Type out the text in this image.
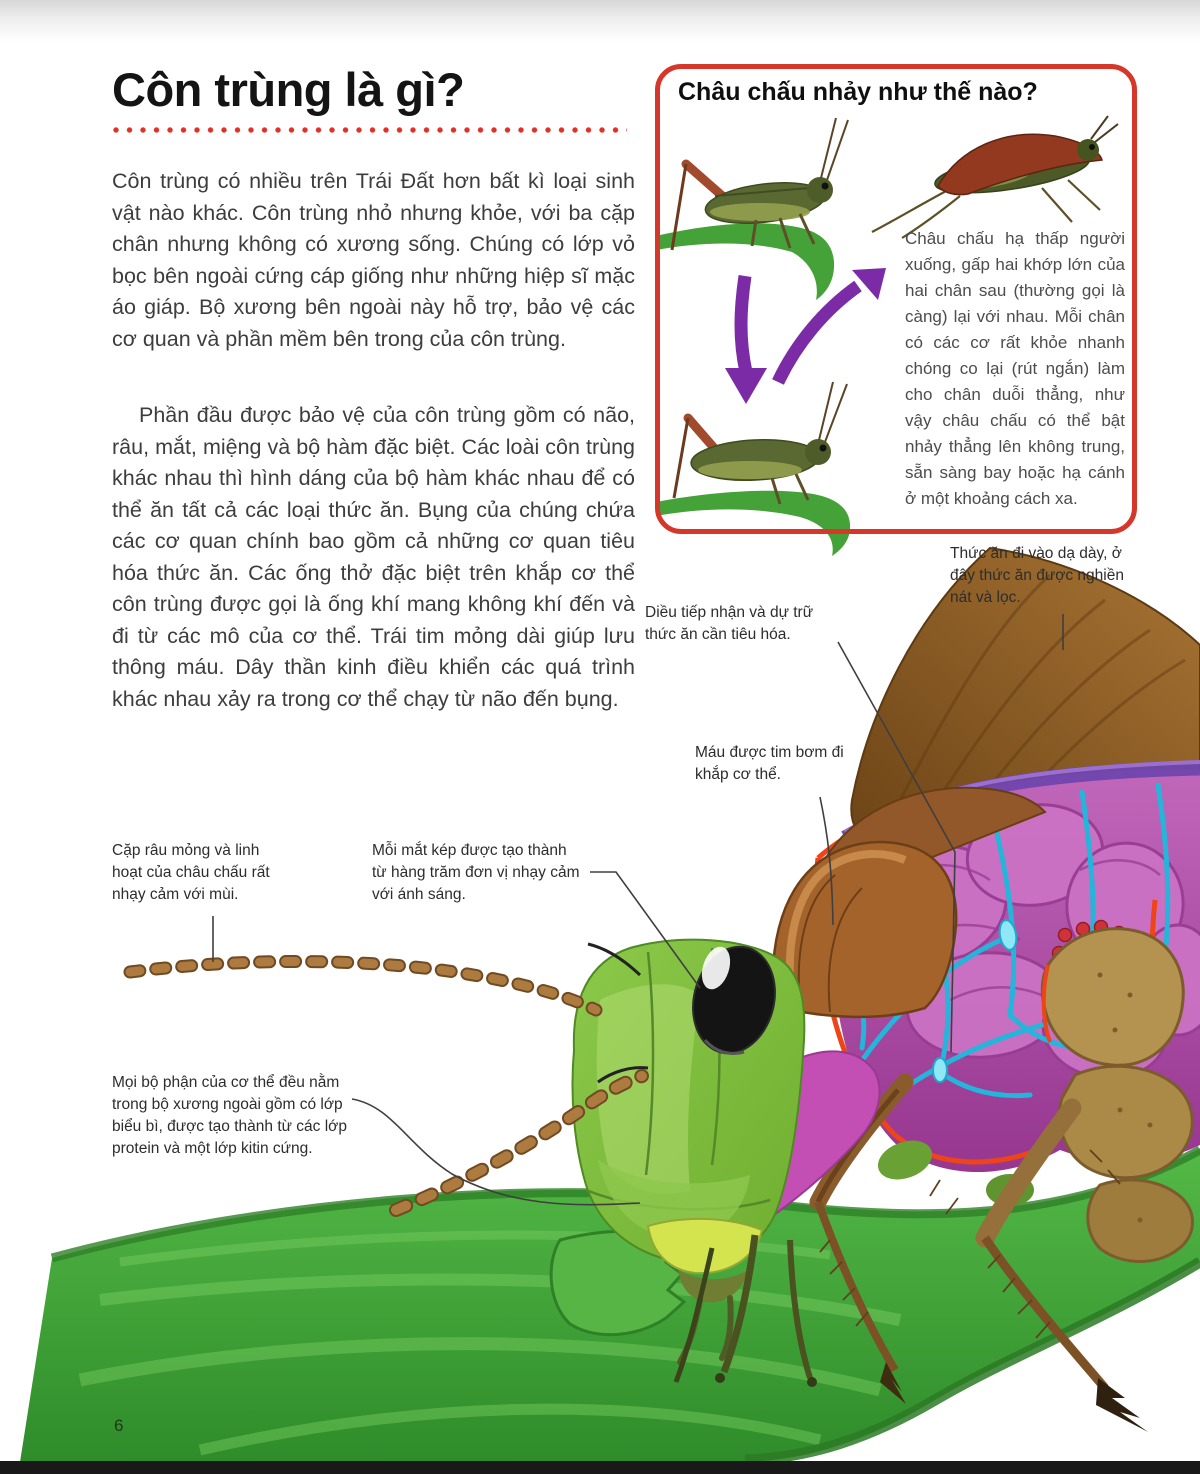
Côn trùng là gì?
Côn trùng có nhiều trên Trái Đất hơn bất kì loại sinh vật nào khác. Côn trùng nhỏ nhưng khỏe, với ba cặp chân nhưng không có xương sống. Chúng có lớp vỏ bọc bên ngoài cứng cáp giống như những hiệp sĩ mặc áo giáp. Bộ xương bên ngoài này hỗ trợ, bảo vệ các cơ quan và phần mềm bên trong của côn trùng.
Phần đầu được bảo vệ của côn trùng gồm có não, râu, mắt, miệng và bộ hàm đặc biệt. Các loài côn trùng khác nhau thì hình dáng của bộ hàm khác nhau để có thể ăn tất cả các loại thức ăn. Bụng của chúng chứa các cơ quan chính bao gồm cả những cơ quan tiêu hóa thức ăn. Các ống thở đặc biệt trên khắp cơ thể côn trùng được gọi là ống khí mang không khí đến và đi từ các mô của cơ thể. Trái tim mỏng dài giúp lưu thông máu. Dây thần kinh điều khiển các quá trình khác nhau xảy ra trong cơ thể chạy từ não đến bụng.
Châu chấu nhảy như thế nào?
Châu chấu hạ thấp người xuống, gấp hai khớp lớn của hai chân sau (thường gọi là càng) lại với nhau. Mỗi chân có các cơ rất khỏe nhanh chóng co lại (rút ngắn) làm cho chân duỗi thẳng, như vậy châu chấu có thể bật nhảy thẳng lên không trung, sẵn sàng bay hoặc hạ cánh ở một khoảng cách xa.
Thức ăn đi vào dạ dày, ở đây thức ăn được nghiền nát và lọc.
Diều tiếp nhận và dự trữ thức ăn cần tiêu hóa.
Máu được tim bơm đi khắp cơ thể.
Cặp râu mỏng và linh hoạt của châu chấu rất nhạy cảm với mùi.
Mỗi mắt kép được tạo thành từ hàng trăm đơn vị nhạy cảm với ánh sáng.
Mọi bộ phận của cơ thể đều nằm trong bộ xương ngoài gồm có lớp biểu bì, được tạo thành từ các lớp protein và một lớp kitin cứng.
6
